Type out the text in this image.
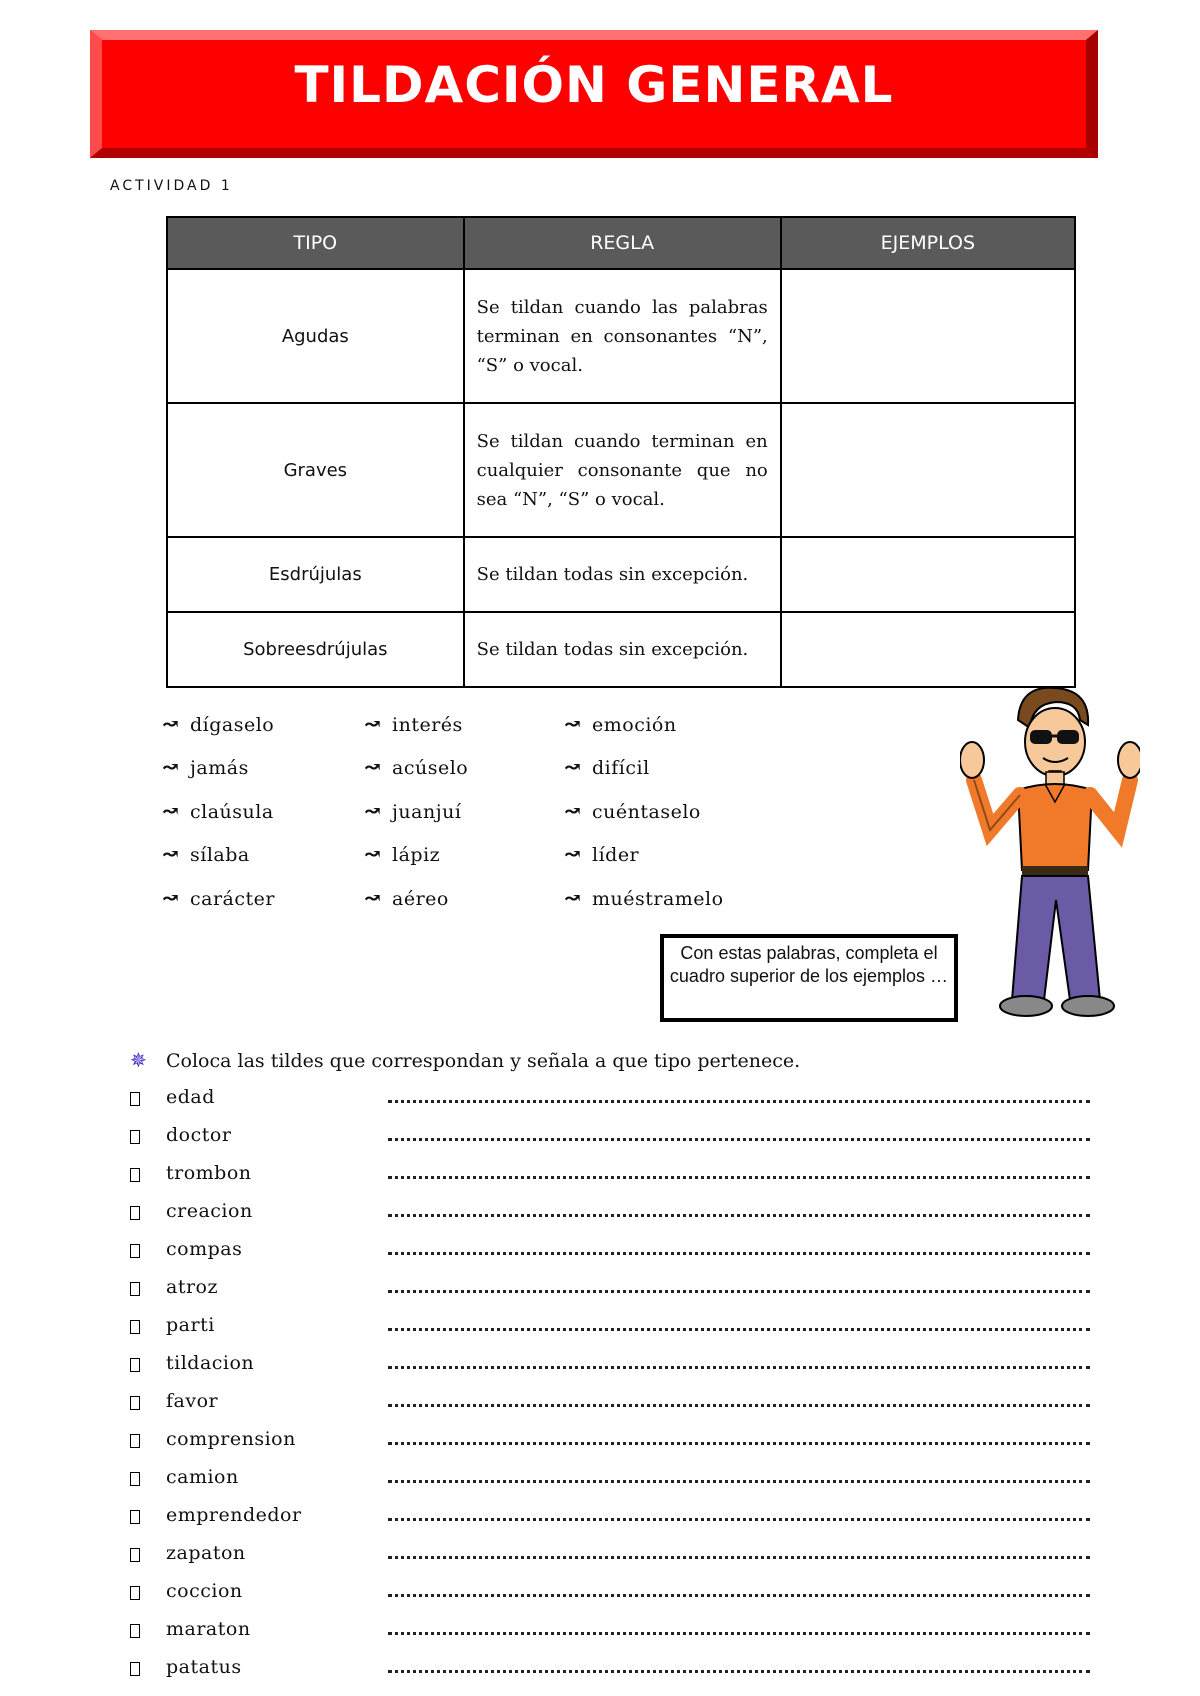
TILDACIÓN GENERAL
ACTIVIDAD 1
TIPO	REGLA	EJEMPLOS
Agudas	Se tildan cuando las palabras terminan en consonantes “N”, “S” o vocal.	
Graves	Se tildan cuando terminan en cualquier consonante que no sea “N”, “S” o vocal.	
Esdrújulas	Se tildan todas sin excepción.	
Sobreesdrújulas	Se tildan todas sin excepción.	
↝ dígaselo
↝ jamás
↝ claúsula
↝ sílaba
↝ carácter
↝ interés
↝ acúselo
↝ juanjuí
↝ lápiz
↝ aéreo
↝ emoción
↝ difícil
↝ cuéntaselo
↝ líder
↝ muéstramelo
Con estas palabras, completa el cuadro superior de los ejemplos …
✵ Coloca las tildes que correspondan y señala a que tipo pertenece.
edad
doctor
trombon
creacion
compas
atroz
parti
tildacion
favor
comprension
camion
emprendedor
zapaton
coccion
maraton
patatus
